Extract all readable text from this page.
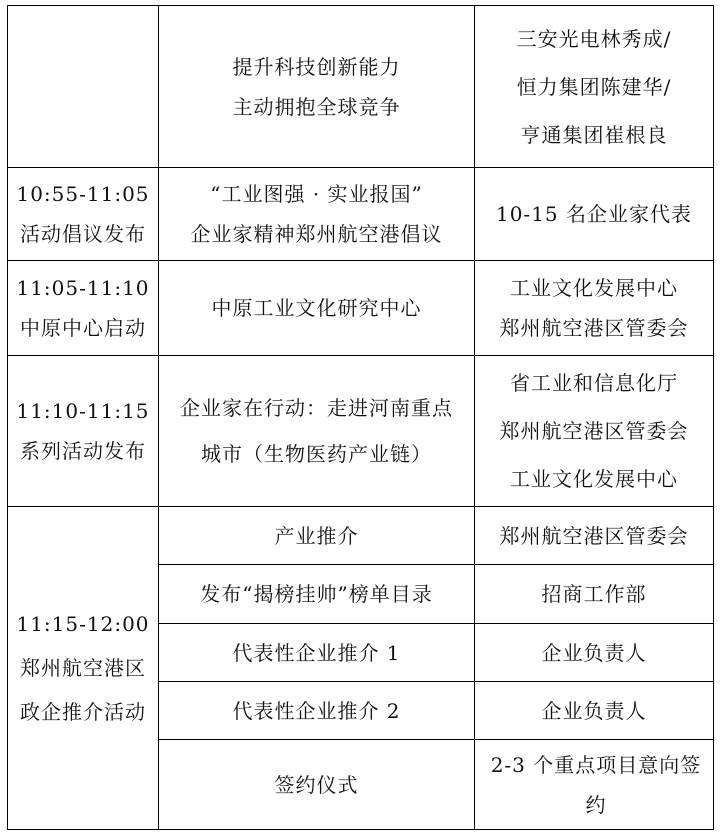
	提升科技创新能力
主动拥抱全球竞争	三安光电林秀成/
恒力集团陈建华/
亨通集团崔根良

10:55-11:05
活动倡议发布	“工业图强 · 实业报国”
企业家精神郑州航空港倡议	10-15 名企业家代表

11:05-11:10
中原中心启动	中原工业文化研究中心	工业文化发展中心
郑州航空港区管委会

11:10-11:15
系列活动发布	企业家在行动：走进河南重点
城市（生物医药产业链）	省工业和信息化厅
郑州航空港区管委会
工业文化发展中心

11:15-12:00
郑州航空港区
政企推介活动	产业推介	郑州航空港区管委会

	发布“揭榜挂帅”榜单目录	招商工作部

	代表性企业推介 1	企业负责人

	代表性企业推介 2	企业负责人

	签约仪式	2-3 个重点项目意向签
约
